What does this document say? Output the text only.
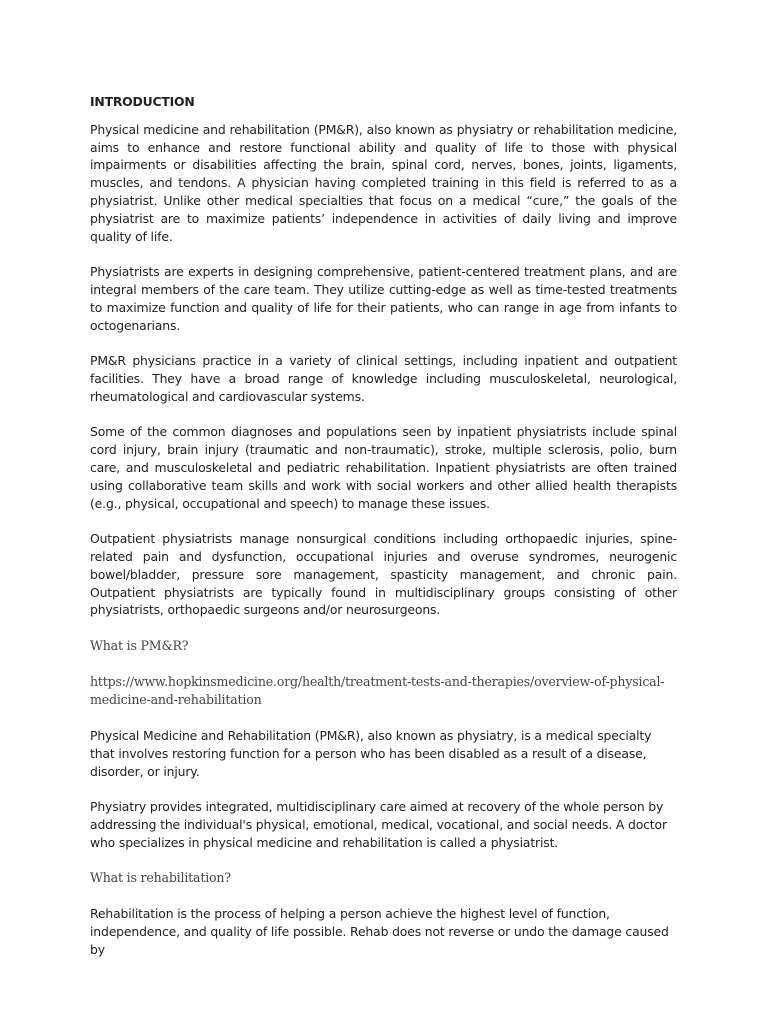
INTRODUCTION

Physical medicine and rehabilitation (PM&R), also known as physiatry or rehabilitation medicine, aims to enhance and restore functional ability and quality of life to those with physical impairments or disabilities affecting the brain, spinal cord, nerves, bones, joints, ligaments, muscles, and tendons. A physician having completed training in this field is referred to as a physiatrist. Unlike other medical specialties that focus on a medical “cure,” the goals of the physiatrist are to maximize patients’ independence in activities of daily living and improve quality of life.

Physiatrists are experts in designing comprehensive, patient-centered treatment plans, and are integral members of the care team. They utilize cutting-edge as well as time-tested treatments to maximize function and quality of life for their patients, who can range in age from infants to octogenarians.

PM&R physicians practice in a variety of clinical settings, including inpatient and outpatient facilities. They have a broad range of knowledge including musculoskeletal, neurological, rheumatological and cardiovascular systems.

Some of the common diagnoses and populations seen by inpatient physiatrists include spinal cord injury, brain injury (traumatic and non-traumatic), stroke, multiple sclerosis, polio, burn care, and musculoskeletal and pediatric rehabilitation. Inpatient physiatrists are often trained using collaborative team skills and work with social workers and other allied health therapists (e.g., physical, occupational and speech) to manage these issues.

Outpatient physiatrists manage nonsurgical conditions including orthopaedic injuries, spine-related pain and dysfunction, occupational injuries and overuse syndromes, neurogenic bowel/bladder, pressure sore management, spasticity management, and chronic pain. Outpatient physiatrists are typically found in multidisciplinary groups consisting of other physiatrists, orthopaedic surgeons and/or neurosurgeons.

What is PM&R?

https://www.hopkinsmedicine.org/health/treatment-tests-and-therapies/overview-of-physical-medicine-and-rehabilitation

Physical Medicine and Rehabilitation (PM&R), also known as physiatry, is a medical specialty that involves restoring function for a person who has been disabled as a result of a disease, disorder, or injury.

Physiatry provides integrated, multidisciplinary care aimed at recovery of the whole person by addressing the individual's physical, emotional, medical, vocational, and social needs. A doctor who specializes in physical medicine and rehabilitation is called a physiatrist.

What is rehabilitation?

Rehabilitation is the process of helping a person achieve the highest level of function, independence, and quality of life possible. Rehab does not reverse or undo the damage caused by
